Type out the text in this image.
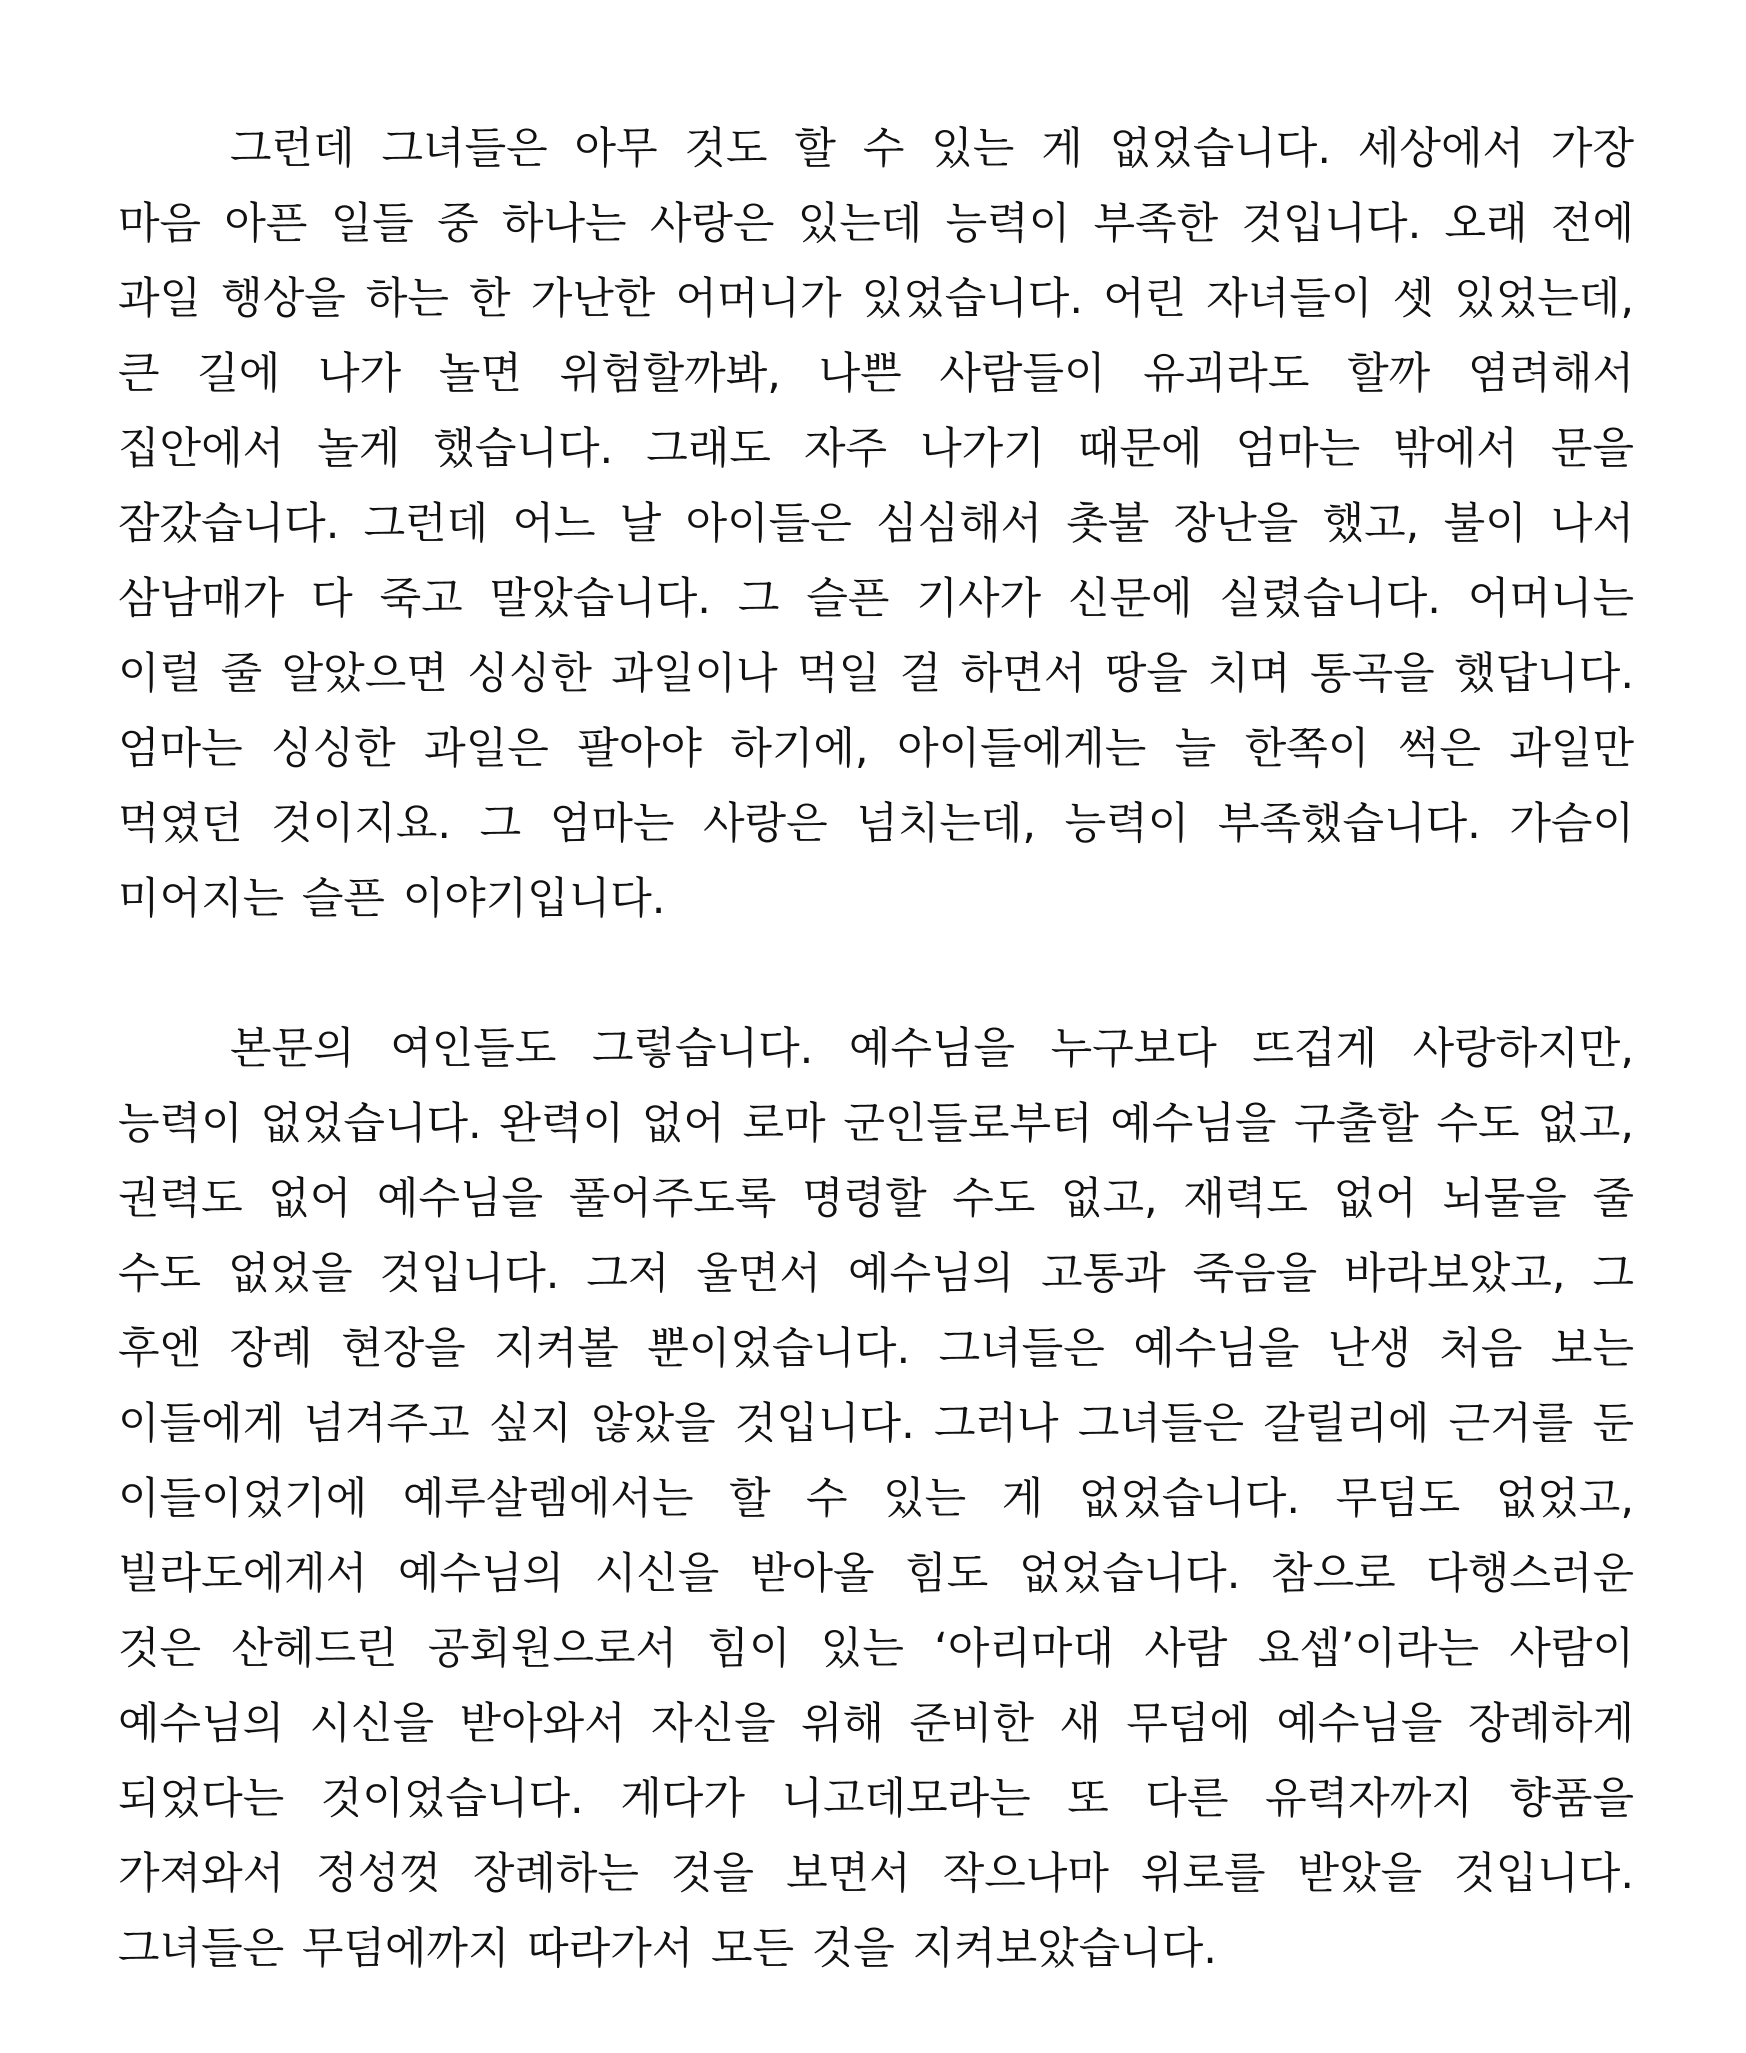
그런데 그녀들은 아무 것도 할 수 있는 게 없었습니다. 세상에서 가장 마음 아픈 일들 중 하나는 사랑은 있는데 능력이 부족한 것입니다. 오래 전에 과일 행상을 하는 한 가난한 어머니가 있었습니다. 어린 자녀들이 셋 있었는데, 큰 길에 나가 놀면 위험할까봐, 나쁜 사람들이 유괴라도 할까 염려해서 집안에서 놀게 했습니다. 그래도 자주 나가기 때문에 엄마는 밖에서 문을 잠갔습니다. 그런데 어느 날 아이들은 심심해서 촛불 장난을 했고, 불이 나서 삼남매가 다 죽고 말았습니다. 그 슬픈 기사가 신문에 실렸습니다. 어머니는 이럴 줄 알았으면 싱싱한 과일이나 먹일 걸 하면서 땅을 치며 통곡을 했답니다. 엄마는 싱싱한 과일은 팔아야 하기에, 아이들에게는 늘 한쪽이 썩은 과일만 먹였던 것이지요. 그 엄마는 사랑은 넘치는데, 능력이 부족했습니다. 가슴이 미어지는 슬픈 이야기입니다.

본문의 여인들도 그렇습니다. 예수님을 누구보다 뜨겁게 사랑하지만, 능력이 없었습니다. 완력이 없어 로마 군인들로부터 예수님을 구출할 수도 없고, 권력도 없어 예수님을 풀어주도록 명령할 수도 없고, 재력도 없어 뇌물을 줄 수도 없었을 것입니다. 그저 울면서 예수님의 고통과 죽음을 바라보았고, 그 후엔 장례 현장을 지켜볼 뿐이었습니다. 그녀들은 예수님을 난생 처음 보는 이들에게 넘겨주고 싶지 않았을 것입니다. 그러나 그녀들은 갈릴리에 근거를 둔 이들이었기에 예루살렘에서는 할 수 있는 게 없었습니다. 무덤도 없었고, 빌라도에게서 예수님의 시신을 받아올 힘도 없었습니다. 참으로 다행스러운 것은 산헤드린 공회원으로서 힘이 있는 ‘아리마대 사람 요셉’이라는 사람이 예수님의 시신을 받아와서 자신을 위해 준비한 새 무덤에 예수님을 장례하게 되었다는 것이었습니다. 게다가 니고데모라는 또 다른 유력자까지 향품을 가져와서 정성껏 장례하는 것을 보면서 작으나마 위로를 받았을 것입니다. 그녀들은 무덤에까지 따라가서 모든 것을 지켜보았습니다.
